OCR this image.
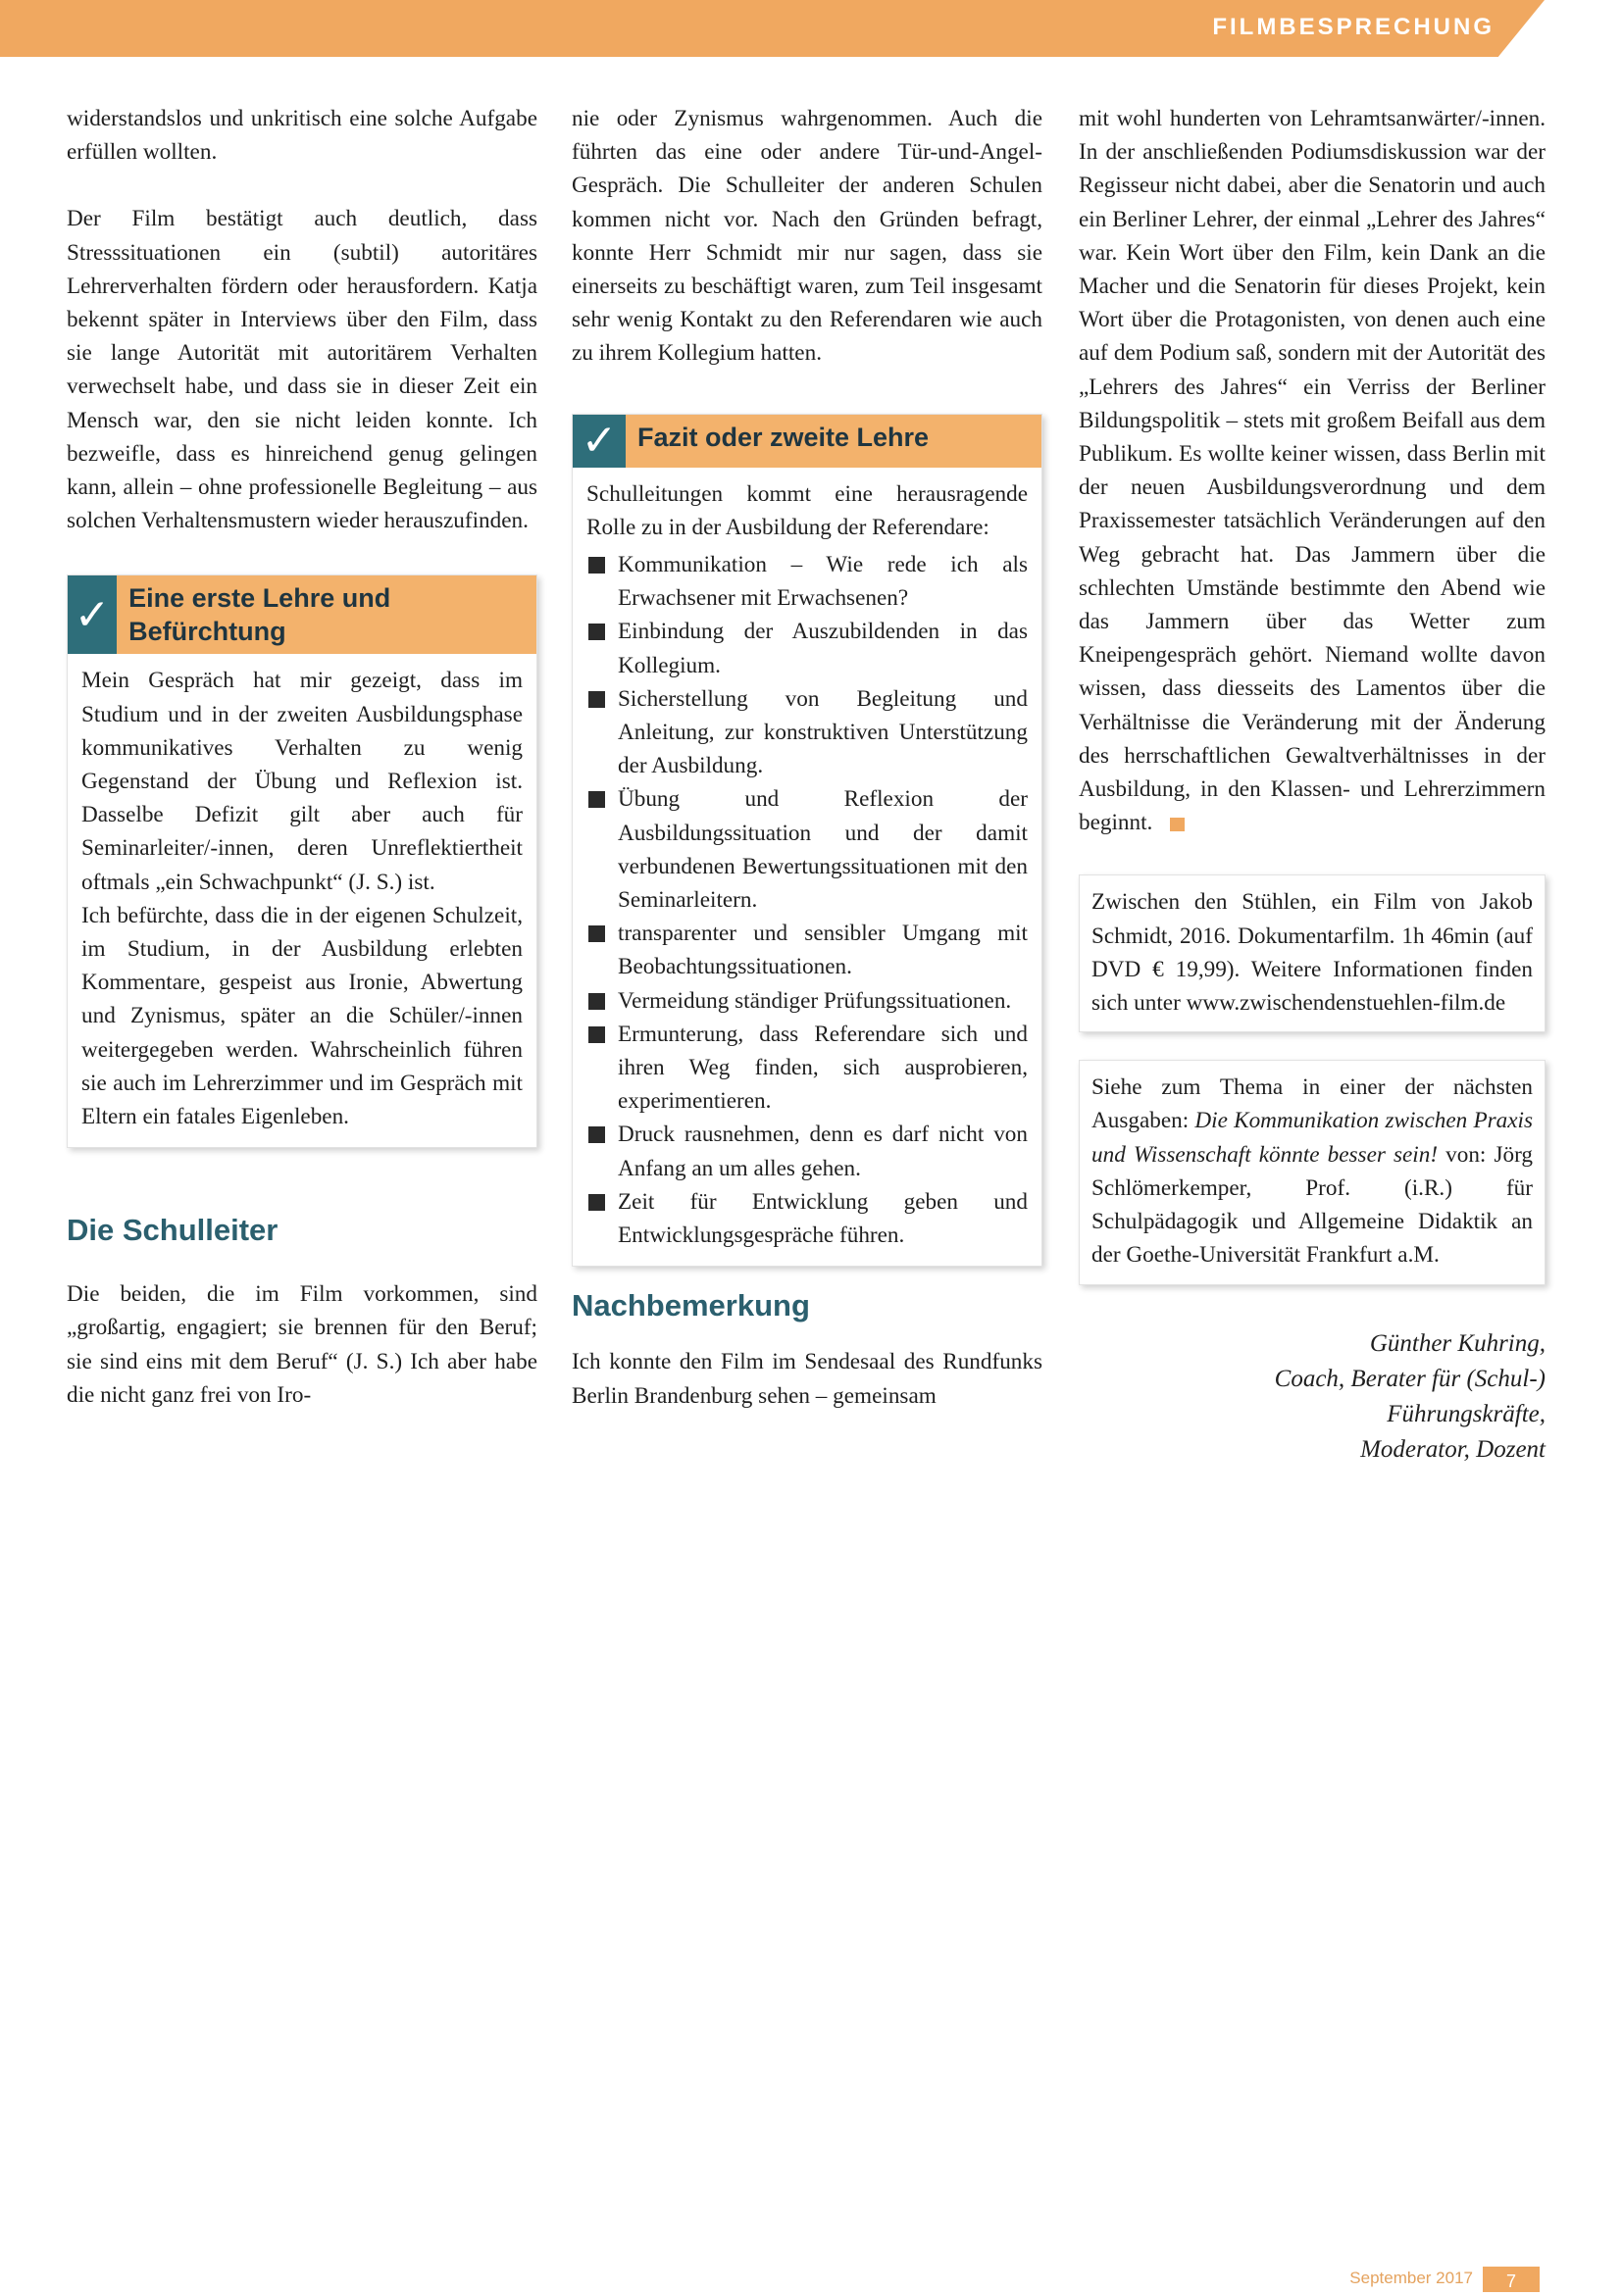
FILMBESPRECHUNG

widerstandslos und unkritisch eine solche Aufgabe erfüllen wollten.

Der Film bestätigt auch deutlich, dass Stresssituationen ein (subtil) autoritäres Lehrerverhalten fördern oder herausfordern. Katja bekennt später in Interviews über den Film, dass sie lange Autorität mit autoritärem Verhalten verwechselt habe, und dass sie in dieser Zeit ein Mensch war, den sie nicht leiden konnte. Ich bezweifle, dass es hinreichend genug gelingen kann, allein – ohne professionelle Begleitung – aus solchen Verhaltensmustern wieder herauszufinden.

✓ Eine erste Lehre und Befürchtung

Mein Gespräch hat mir gezeigt, dass im Studium und in der zweiten Ausbildungsphase kommunikatives Verhalten zu wenig Gegenstand der Übung und Reflexion ist. Dasselbe Defizit gilt aber auch für Seminarleiter/-innen, deren Unreflektiertheit oftmals „ein Schwachpunkt“ (J. S.) ist.

Ich befürchte, dass die in der eigenen Schulzeit, im Studium, in der Ausbildung erlebten Kommentare, gespeist aus Ironie, Abwertung und Zynismus, später an die Schüler/-innen weitergegeben werden. Wahrscheinlich führen sie auch im Lehrerzimmer und im Gespräch mit Eltern ein fatales Eigenleben.

Die Schulleiter

Die beiden, die im Film vorkommen, sind „großartig, engagiert; sie brennen für den Beruf; sie sind eins mit dem Beruf“ (J. S.) Ich aber habe die nicht ganz frei von Iro-

nie oder Zynismus wahrgenommen. Auch die führten das eine oder andere Tür-und-Angel-Gespräch. Die Schulleiter der anderen Schulen kommen nicht vor. Nach den Gründen befragt, konnte Herr Schmidt mir nur sagen, dass sie einerseits zu beschäftigt waren, zum Teil insgesamt sehr wenig Kontakt zu den Referendaren wie auch zu ihrem Kollegium hatten.

✓ Fazit oder zweite Lehre

Schulleitungen kommt eine herausragende Rolle zu in der Ausbildung der Referendare:

Kommunikation – Wie rede ich als Erwachsener mit Erwachsenen?
Einbindung der Auszubildenden in das Kollegium.
Sicherstellung von Begleitung und Anleitung, zur konstruktiven Unterstützung der Ausbildung.
Übung und Reflexion der Ausbildungssituation und der damit verbundenen Bewertungssituationen mit den Seminarleitern.
transparenter und sensibler Umgang mit Beobachtungssituationen.
Vermeidung ständiger Prüfungssituationen.
Ermunterung, dass Referendare sich und ihren Weg finden, sich ausprobieren, experimentieren.
Druck rausnehmen, denn es darf nicht von Anfang an um alles gehen.
Zeit für Entwicklung geben und Entwicklungsgespräche führen.
Nachbemerkung

Ich konnte den Film im Sendesaal des Rundfunks Berlin Brandenburg sehen – gemeinsam

mit wohl hunderten von Lehramtsanwärter/-innen. In der anschließenden Podiumsdiskussion war der Regisseur nicht dabei, aber die Senatorin und auch ein Berliner Lehrer, der einmal „Lehrer des Jahres“ war. Kein Wort über den Film, kein Dank an die Macher und die Senatorin für dieses Projekt, kein Wort über die Protagonisten, von denen auch eine auf dem Podium saß, sondern mit der Autorität des „Lehrers des Jahres“ ein Verriss der Berliner Bildungspolitik – stets mit großem Beifall aus dem Publikum. Es wollte keiner wissen, dass Berlin mit der neuen Ausbildungsverordnung und dem Praxissemester tatsächlich Veränderungen auf den Weg gebracht hat. Das Jammern über die schlechten Umstände bestimmte den Abend wie das Jammern über das Wetter zum Kneipengespräch gehört. Niemand wollte davon wissen, dass diesseits des Lamentos über die Verhältnisse die Veränderung mit der Änderung des herrschaftlichen Gewaltverhältnisses in der Ausbildung, in den Klassen- und Lehrerzimmern beginnt.

Zwischen den Stühlen, ein Film von Jakob Schmidt, 2016. Dokumentarfilm. 1h 46min (auf DVD € 19,99). Weitere Informationen finden sich unter www.zwischendenstuehlen-film.de

Siehe zum Thema in einer der nächsten Ausgaben: Die Kommunikation zwischen Praxis und Wissenschaft könnte besser sein! von: Jörg Schlömerkemper, Prof. (i.R.) für Schulpädagogik und Allgemeine Didaktik an der Goethe-Universität Frankfurt a.M.

Günther Kuhring,
Coach, Berater für (Schul-)
Führungskräfte,
Moderator, Dozent
September 2017	7
